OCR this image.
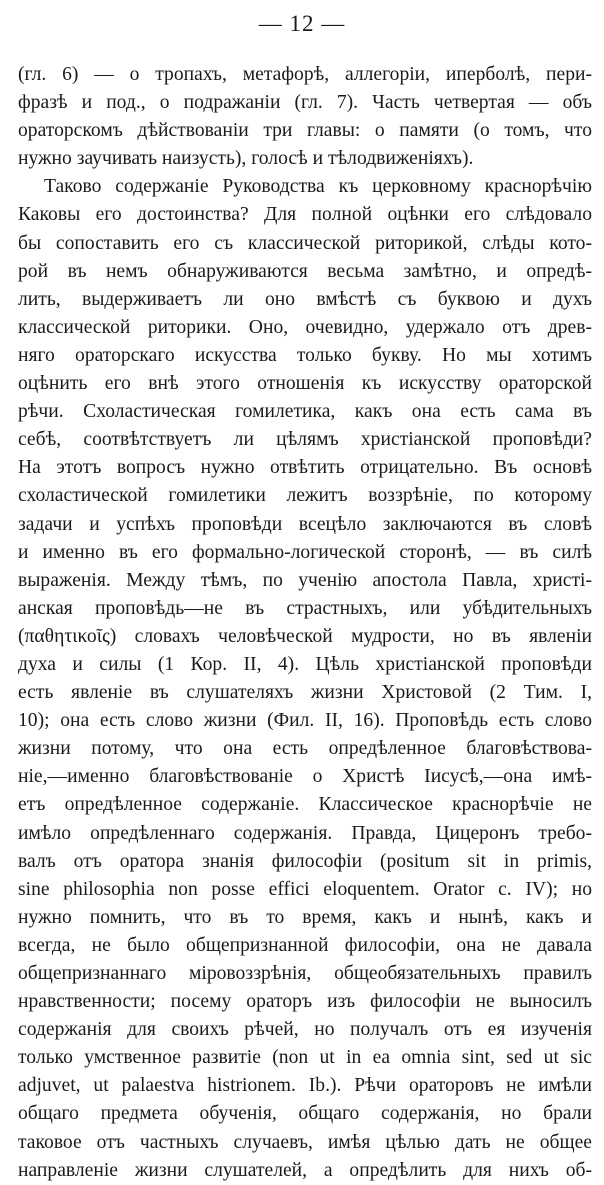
— 12 —
(гл. 6) — о тропахъ, метафорѣ, аллегоріи, иперболѣ, пери-
фразѣ и под., о подражаніи (гл. 7). Часть четвертая — объ
ораторскомъ дѣйствованіи три главы: о памяти (о томъ, что
нужно заучивать наизусть), голосѣ и тѣлодвиженіяхъ).
Таково содержаніе Руководства къ церковному краснорѣчію
Каковы его достоинства? Для полной оцѣнки его слѣдовало
бы сопоставить его съ классической риторикой, слѣды кото-
рой въ немъ обнаруживаются весьма замѣтно, и опредѣ-
лить, выдерживаетъ ли оно вмѣстѣ съ буквою и духъ
классической риторики. Оно, очевидно, удержало отъ древ-
няго ораторскаго искусства только букву. Но мы хотимъ
оцѣнить его внѣ этого отношенія къ искусству ораторской
рѣчи. Схоластическая гомилетика, какъ она есть сама въ
себѣ, соотвѣтствуетъ ли цѣлямъ христіанской проповѣди?
На этотъ вопросъ нужно отвѣтить отрицательно. Въ основѣ
схоластической гомилетики лежитъ воззрѣніе, по которому
задачи и успѣхъ проповѣди всецѣло заключаются въ словѣ
и именно въ его формально-логической сторонѣ, — въ силѣ
выраженія. Между тѣмъ, по ученію апостола Павла, христі-
анская проповѣдь—не въ страстныхъ, или убѣдительныхъ
(παθητικοῖς) словахъ человѣческой мудрости, но въ явленіи
духа и силы (1 Кор. II, 4). Цѣль христіанской проповѣди
есть явленіе въ слушателяхъ жизни Христовой (2 Тим. I,
10); она есть слово жизни (Фил. II, 16). Проповѣдь есть слово
жизни потому, что она есть опредѣленное благовѣствова-
ніе,—именно благовѣствованіе о Христѣ Іисусѣ,—она имѣ-
етъ опредѣленное содержаніе. Классическое краснорѣчіе не
имѣло опредѣленнаго содержанія. Правда, Цицеронъ требо-
валъ отъ оратора знанія философіи (positum sit in primis,
sine philosophia non posse effici eloquentem. Orator c. IV); но
нужно помнить, что въ то время, какъ и нынѣ, какъ и
всегда, не было общепризнанной философіи, она не давала
общепризнаннаго міровоззрѣнія, общеобязательныхъ правилъ
нравственности; посему ораторъ изъ философіи не выносилъ
содержанія для своихъ рѣчей, но получалъ отъ ея изученія
только умственное развитіе (non ut in ea omnia sint, sed ut sic
adjuvet, ut palaestva histrionem. Ib.). Рѣчи ораторовъ не имѣли
общаго предмета обученія, общаго содержанія, но брали
таковое отъ частныхъ случаевъ, имѣя цѣлью дать не общее
направленіе жизни слушателей, а опредѣлить для нихъ об-
